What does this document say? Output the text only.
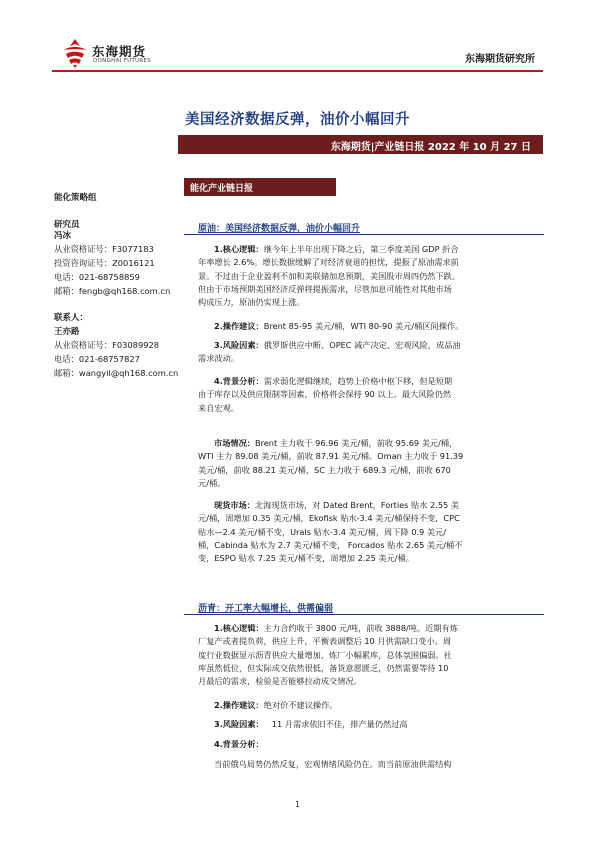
东海期货
DONGHAI FUTURES	东海期货研究所
美国经济数据反弹，油价小幅回升
东海期货|产业链日报 2022 年 10 月 27 日
能化策略组
研究员
冯冰
从业资格证号：F3077183
投资咨询证号：Z0016121
电话：021-68758859
邮箱：fengb@qh168.com.cn
联系人：
王亦路
从业资格证号：F03089928
电话：021-68757827
邮箱：wangyil@qh168.com.cn
能化产业链日报
原油：美国经济数据反弹，油价小幅回升
1.核心逻辑：继今年上半年出现下降之后，第三季度美国 GDP 折合
年率增长 2.6%。增长数据缓解了对经济衰退的担忧，提振了原油需求前
景。不过由于企业盈利不加和美联储加息预期，美国股市周四仍然下跌。
但由于市场预期美国经济反弹将提振需求，尽管加息可能性对其他市场
构成压力，原油仍实现上涨。
2.操作建议：Brent 85-95 美元/桶，WTI 80-90 美元/桶区间操作。
3.风险因素：俄罗斯供应中断、OPEC 减产决定、宏观风险、成品油
需求波动。
4.背景分析：需求弱化逻辑继续，趋势上价格中枢下移，但是短期
由于库存以及供应限制等因素，价格将会保持 90 以上。最大风险仍然
来自宏观。
市场情况：Brent 主力收于 96.96 美元/桶，前收 95.69 美元/桶，
WTI 主力 89.08 美元/桶，前收 87.91 美元/桶。Oman 主力收于 91.39
美元/桶，前收 88.21 美元/桶，SC 主力收于 689.3 元/桶，前收 670
元/桶。
现货市场：北海现货市场，对 Dated Brent，Forties 贴水 2.55 美
元/桶，周增加 0.35 美元/桶，Ekofisk 贴水-3.4 美元/桶保持不变，CPC
贴水—2.4 美元/桶不变，Urals 贴水-3.4 美元/桶，周下降 0.9 美元/
桶，Cabinda 贴水为 2.7 美元/桶不变， Forcados 贴水 2.65 美元/桶不
变，ESPO 贴水 7.25 美元/桶不变，周增加 2.25 美元/桶。
沥青：开工率大幅增长，供需偏弱
1.核心逻辑：主力合约收于 3800 元/吨，前收 3888/吨。近期有炼
厂复产或者提负荷，供应上升，平衡表调整后 10 月供需缺口变小。周
度行业数据显示沥青供应大量增加，炼厂小幅累库，总体氛围偏弱。社
库虽然低位，但实际成交依然很低，备货意愿匮乏，仍然需要等待 10
月最后的需求，检验是否能够拉动成交情况。
2.操作建议：绝对价不建议操作。
3.风险因素： 11 月需求依旧不佳，排产量仍然过高
4.背景分析：
当前俄乌局势仍然反复，宏观情绪风险仍在。而当前原油供需结构
1
